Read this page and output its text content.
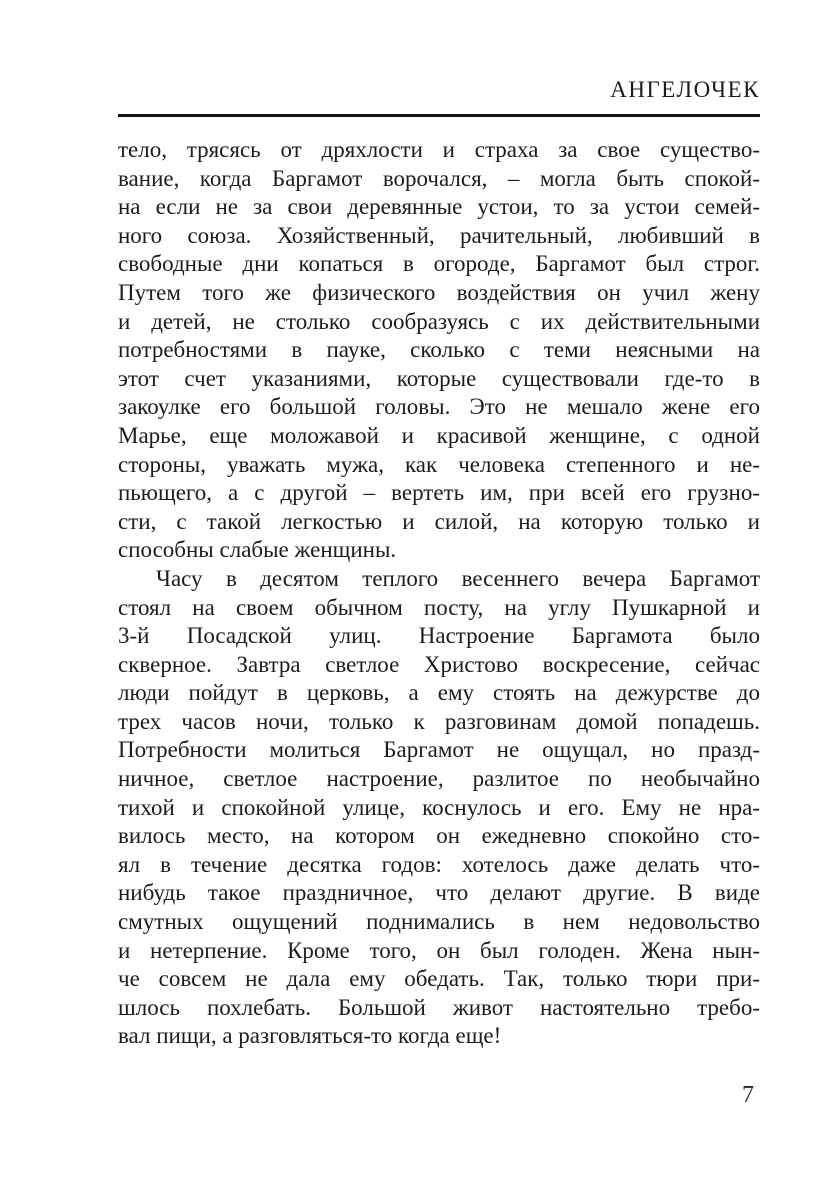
АНГЕЛОЧЕК
тело, трясясь от дряхлости и страха за свое существо-
вание, когда Баргамот ворочался, – могла быть спокой-
на если не за свои деревянные устои, то за устои семей-
ного союза. Хозяйственный, рачительный, любивший в
свободные дни копаться в огороде, Баргамот был строг.
Путем того же физического воздействия он учил жену
и детей, не столько сообразуясь с их действительными
потребностями в пауке, сколько с теми неясными на
этот счет указаниями, которые существовали где-то в
закоулке его большой головы. Это не мешало жене его
Марье, еще моложавой и красивой женщине, с одной
стороны, уважать мужа, как человека степенного и не-
пьющего, а с другой – вертеть им, при всей его грузно-
сти, с такой легкостью и силой, на которую только и
способны слабые женщины.
Часу в десятом теплого весеннего вечера Баргамот
стоял на своем обычном посту, на углу Пушкарной и
3-й Посадской улиц. Настроение Баргамота было
скверное. Завтра светлое Христово воскресение, сейчас
люди пойдут в церковь, а ему стоять на дежурстве до
трех часов ночи, только к разговинам домой попадешь.
Потребности молиться Баргамот не ощущал, но празд-
ничное, светлое настроение, разлитое по необычайно
тихой и спокойной улице, коснулось и его. Ему не нра-
вилось место, на котором он ежедневно спокойно сто-
ял в течение десятка годов: хотелось даже делать что-
нибудь такое праздничное, что делают другие. В виде
смутных ощущений поднимались в нем недовольство
и нетерпение. Кроме того, он был голоден. Жена нын-
че совсем не дала ему обедать. Так, только тюри при-
шлось похлебать. Большой живот настоятельно требо-
вал пищи, а разговляться-то когда еще!
7
